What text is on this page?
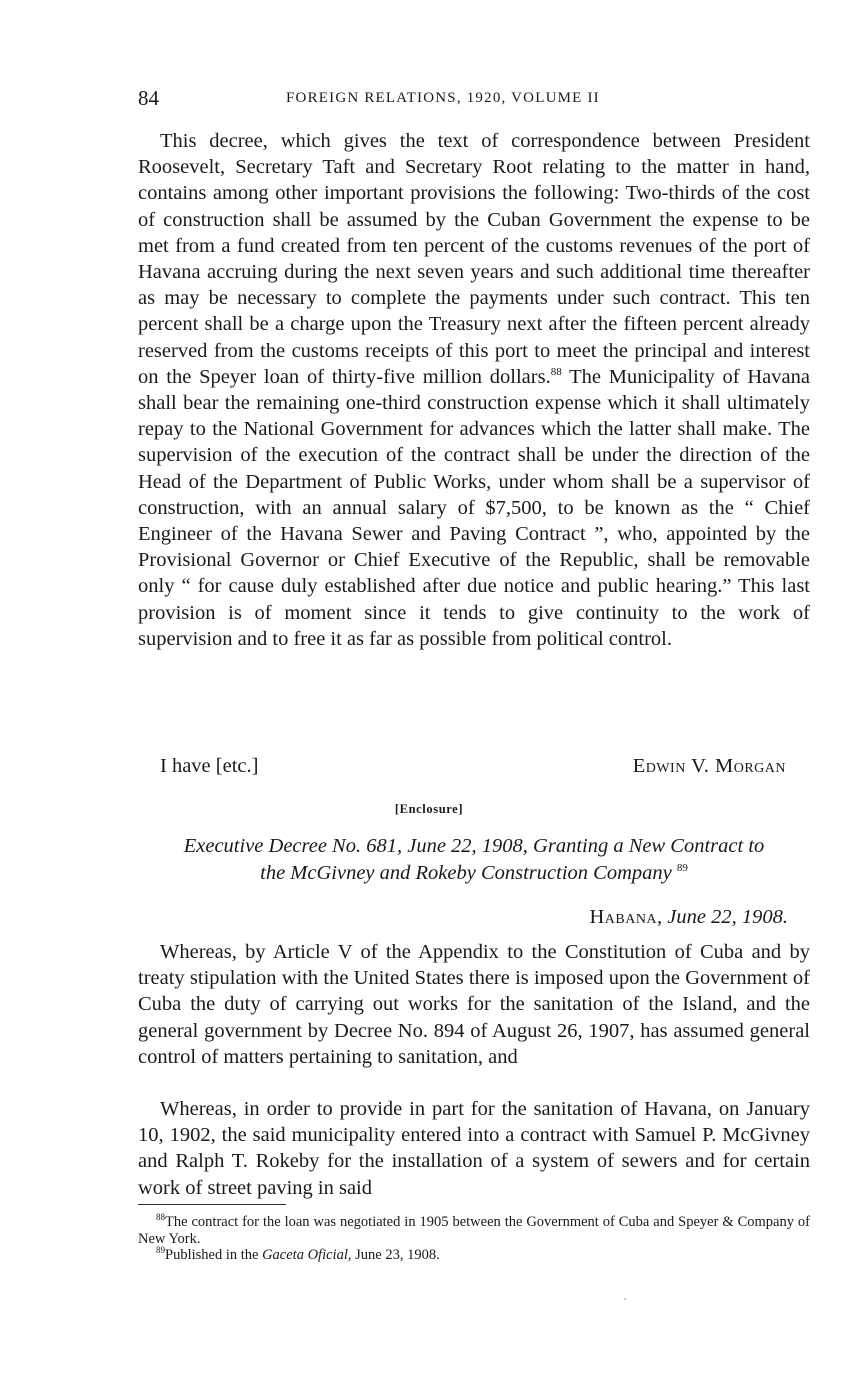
84	FOREIGN RELATIONS, 1920, VOLUME II

This decree, which gives the text of correspondence between President Roosevelt, Secretary Taft and Secretary Root relating to the matter in hand, contains among other important provisions the following: Two-thirds of the cost of construction shall be assumed by the Cuban Government the expense to be met from a fund created from ten percent of the customs revenues of the port of Havana accruing during the next seven years and such additional time thereafter as may be necessary to complete the payments under such contract. This ten percent shall be a charge upon the Treasury next after the fifteen percent already reserved from the customs receipts of this port to meet the principal and interest on the Speyer loan of thirty-five million dollars.$^{88}$ The Municipality of Havana shall bear the remaining one-third construction expense which it shall ultimately repay to the National Government for advances which the latter shall make. The supervision of the execution of the contract shall be under the direction of the Head of the Department of Public Works, under whom shall be a supervisor of construction, with an annual salary of $7,500, to be known as the “ Chief Engineer of the Havana Sewer and Paving Contract ”, who, appointed by the Provisional Governor or Chief Executive of the Republic, shall be removable only “ for cause duly established after due notice and public hearing.” This last provision is of moment since it tends to give continuity to the work of supervision and to free it as far as possible from political control.

I have [etc.]	Edwin V. Morgan
[Enclosure]
Executive Decree No. 681, June 22, 1908, Granting a New Contract to
the McGivney and Rokeby Construction Company $^{89}$
Habana, June 22, 1908.

Whereas, by Article V of the Appendix to the Constitution of Cuba and by treaty stipulation with the United States there is imposed upon the Government of Cuba the duty of carrying out works for the sanitation of the Island, and the general government by Decree No. 894 of August 26, 1907, has assumed general control of matters pertaining to sanitation, and

Whereas, in order to provide in part for the sanitation of Havana, on January 10, 1902, the said municipality entered into a contract with Samuel P. McGivney and Ralph T. Rokeby for the installation of a system of sewers and for certain work of street paving in said

$^{88}$The contract for the loan was negotiated in 1905 between the Government of Cuba and Speyer & Company of New York.

$^{89}$Published in the Gaceta Oficial, June 23, 1908.
